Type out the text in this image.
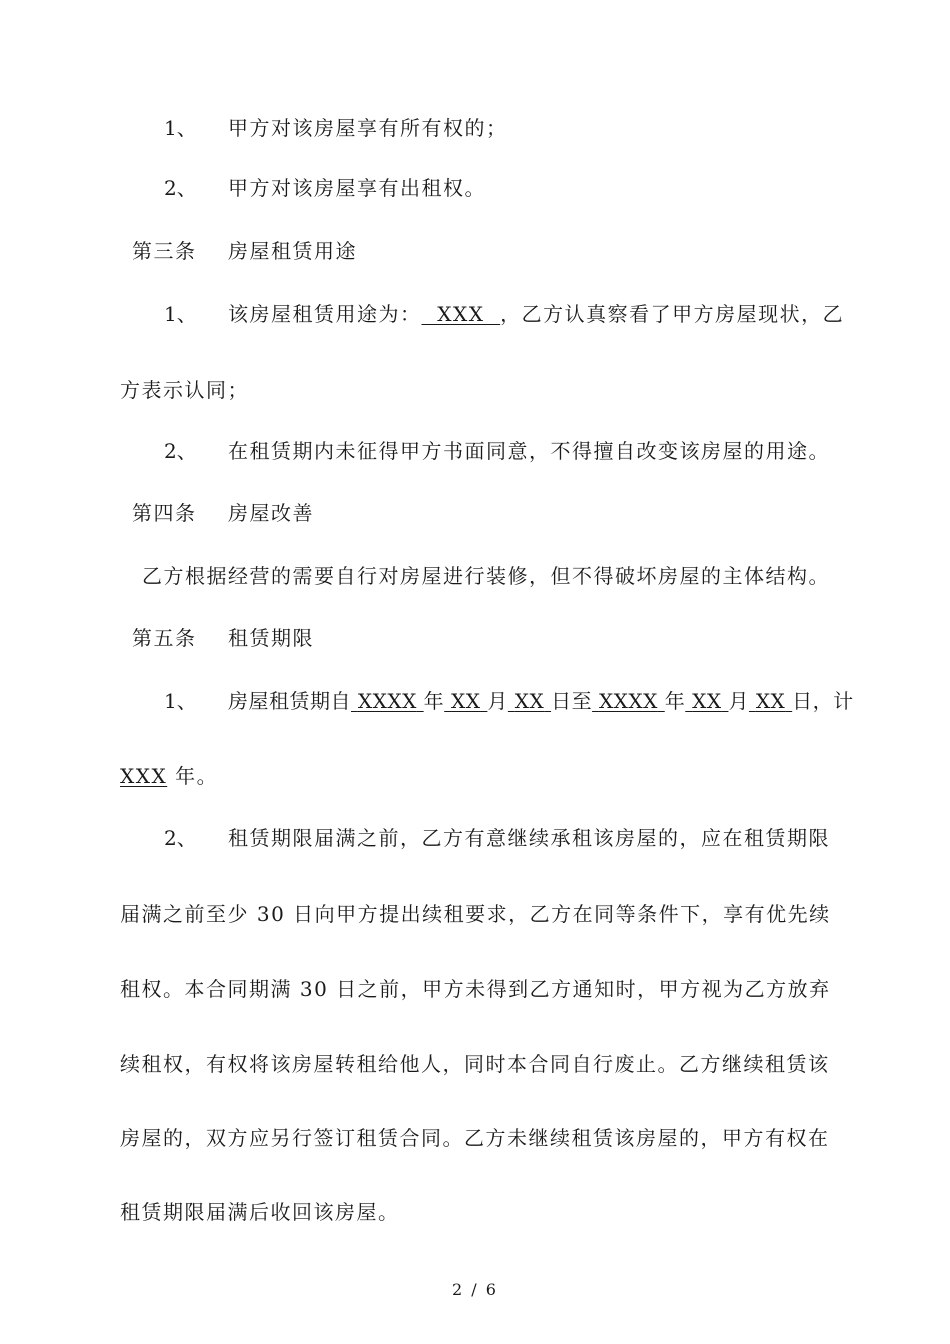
1、 甲方对该房屋享有所有权的；
2、 甲方对该房屋享有出租权。
第三条 房屋租赁用途
1、 该房屋租赁用途为：  XXX  ，乙方认真察看了甲方房屋现状，乙
方表示认同；
2、 在租赁期内未征得甲方书面同意，不得擅自改变该房屋的用途。
第四条 房屋改善
乙方根据经营的需要自行对房屋进行装修，但不得破坏房屋的主体结构。
第五条 租赁期限
1、 房屋租赁期自 XXXX 年 XX 月 XX 日至 XXXX 年 XX 月 XX 日，计
XXX 年。
2、 租赁期限届满之前，乙方有意继续承租该房屋的，应在租赁期限
届满之前至少 30 日向甲方提出续租要求，乙方在同等条件下，享有优先续
租权。本合同期满 30 日之前，甲方未得到乙方通知时，甲方视为乙方放弃
续租权，有权将该房屋转租给他人，同时本合同自行废止。乙方继续租赁该
房屋的，双方应另行签订租赁合同。乙方未继续租赁该房屋的，甲方有权在
租赁期限届满后收回该房屋。
2 / 6
